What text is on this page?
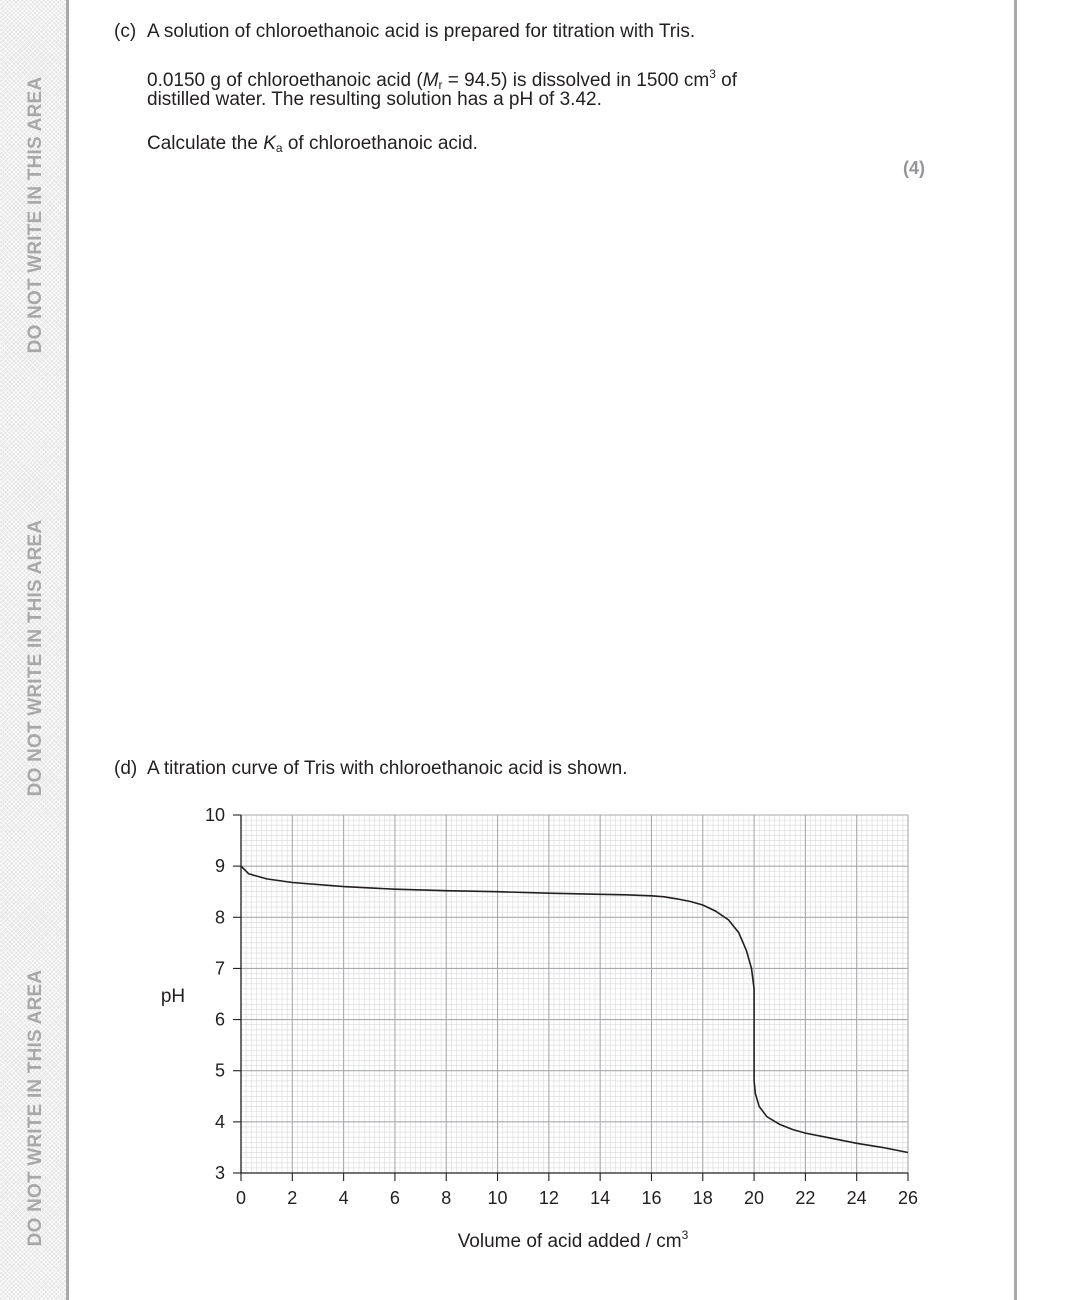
DO NOT WRITE IN THIS AREA
DO NOT WRITE IN THIS AREA
DO NOT WRITE IN THIS AREA
(c) A solution of chloroethanoic acid is prepared for titration with Tris.
0.0150 g of chloroethanoic acid $(M_r = 94.5)$ is dissolved in 1500 $cm^3$ of
distilled water. The resulting solution has a pH of 3.42.
Calculate the $K_a$ of chloroethanoic acid.
(4)
(d) A titration curve of Tris with chloroethanoic acid is shown.
0 2 4 6 8 10 12 14 16 18 20 22 24 26
3
4
5
6
7
8
9
10
pH
Volume of acid added / $cm^3$
